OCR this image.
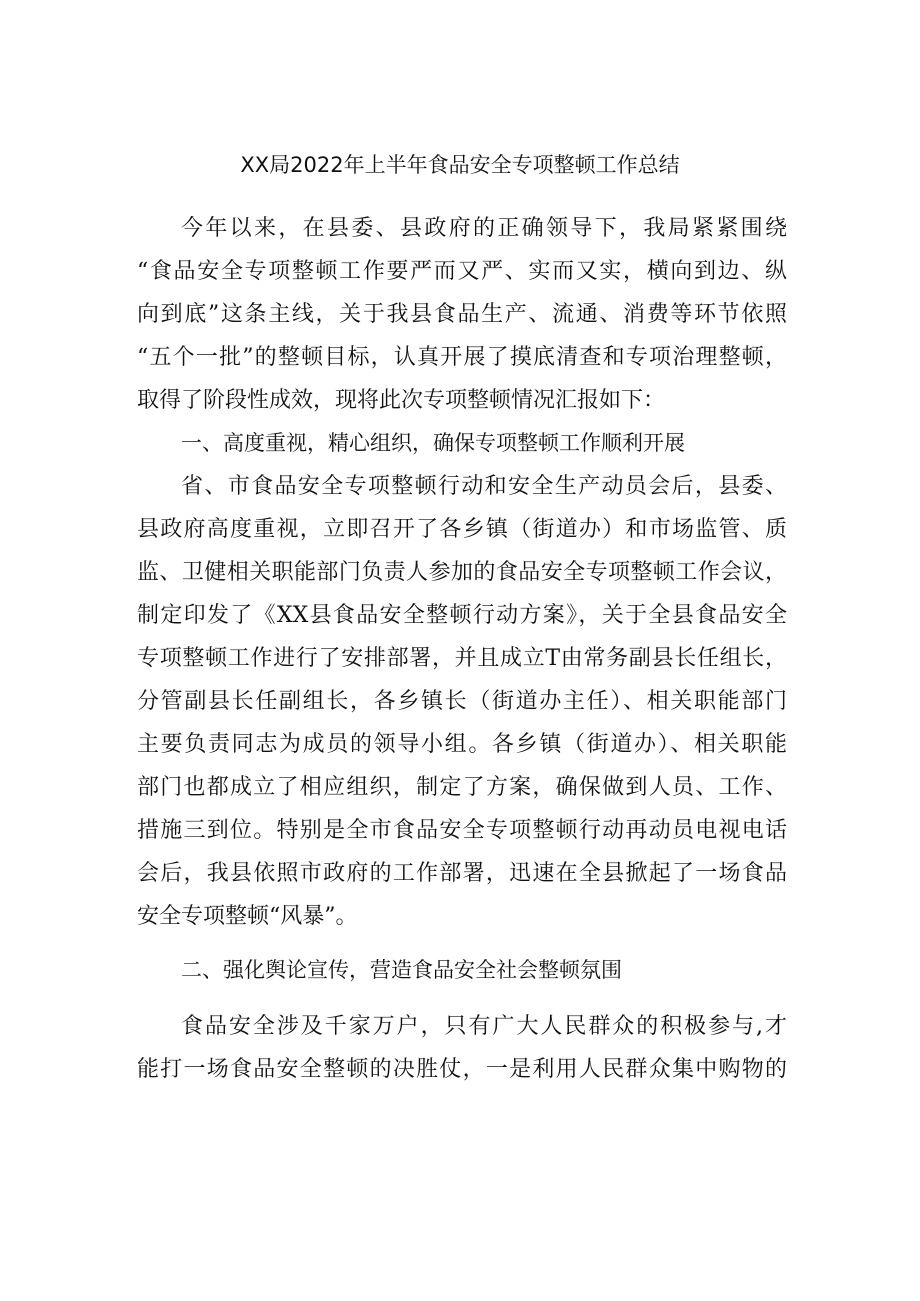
XX局2022年上半年食品安全专项整顿工作总结
今年以来，在县委、县政府的正确领导下，我局紧紧围绕
“食品安全专项整顿工作要严而又严、实而又实，横向到边、纵
向到底”这条主线，关于我县食品生产、流通、消费等环节依照
“五个一批”的整顿目标，认真开展了摸底清查和专项治理整顿，
取得了阶段性成效，现将此次专项整顿情况汇报如下：
一、高度重视，精心组织，确保专项整顿工作顺利开展
省、市食品安全专项整顿行动和安全生产动员会后，县委、
县政府高度重视，立即召开了各乡镇（街道办）和市场监管、质
监、卫健相关职能部门负责人参加的食品安全专项整顿工作会议，
制定印发了《XX县食品安全整顿行动方案》，关于全县食品安全
专项整顿工作进行了安排部署，并且成立T由常务副县长任组长，
分管副县长任副组长，各乡镇长（街道办主任）、相关职能部门
主要负责同志为成员的领导小组。各乡镇（街道办）、相关职能
部门也都成立了相应组织，制定了方案，确保做到人员、工作、
措施三到位。特别是全市食品安全专项整顿行动再动员电视电话
会后，我县依照市政府的工作部署，迅速在全县掀起了一场食品
安全专项整顿“风暴”。
二、强化舆论宣传，营造食品安全社会整顿氛围
食品安全涉及千家万户，只有广大人民群众的积极参与,才
能打一场食品安全整顿的决胜仗，一是利用人民群众集中购物的
